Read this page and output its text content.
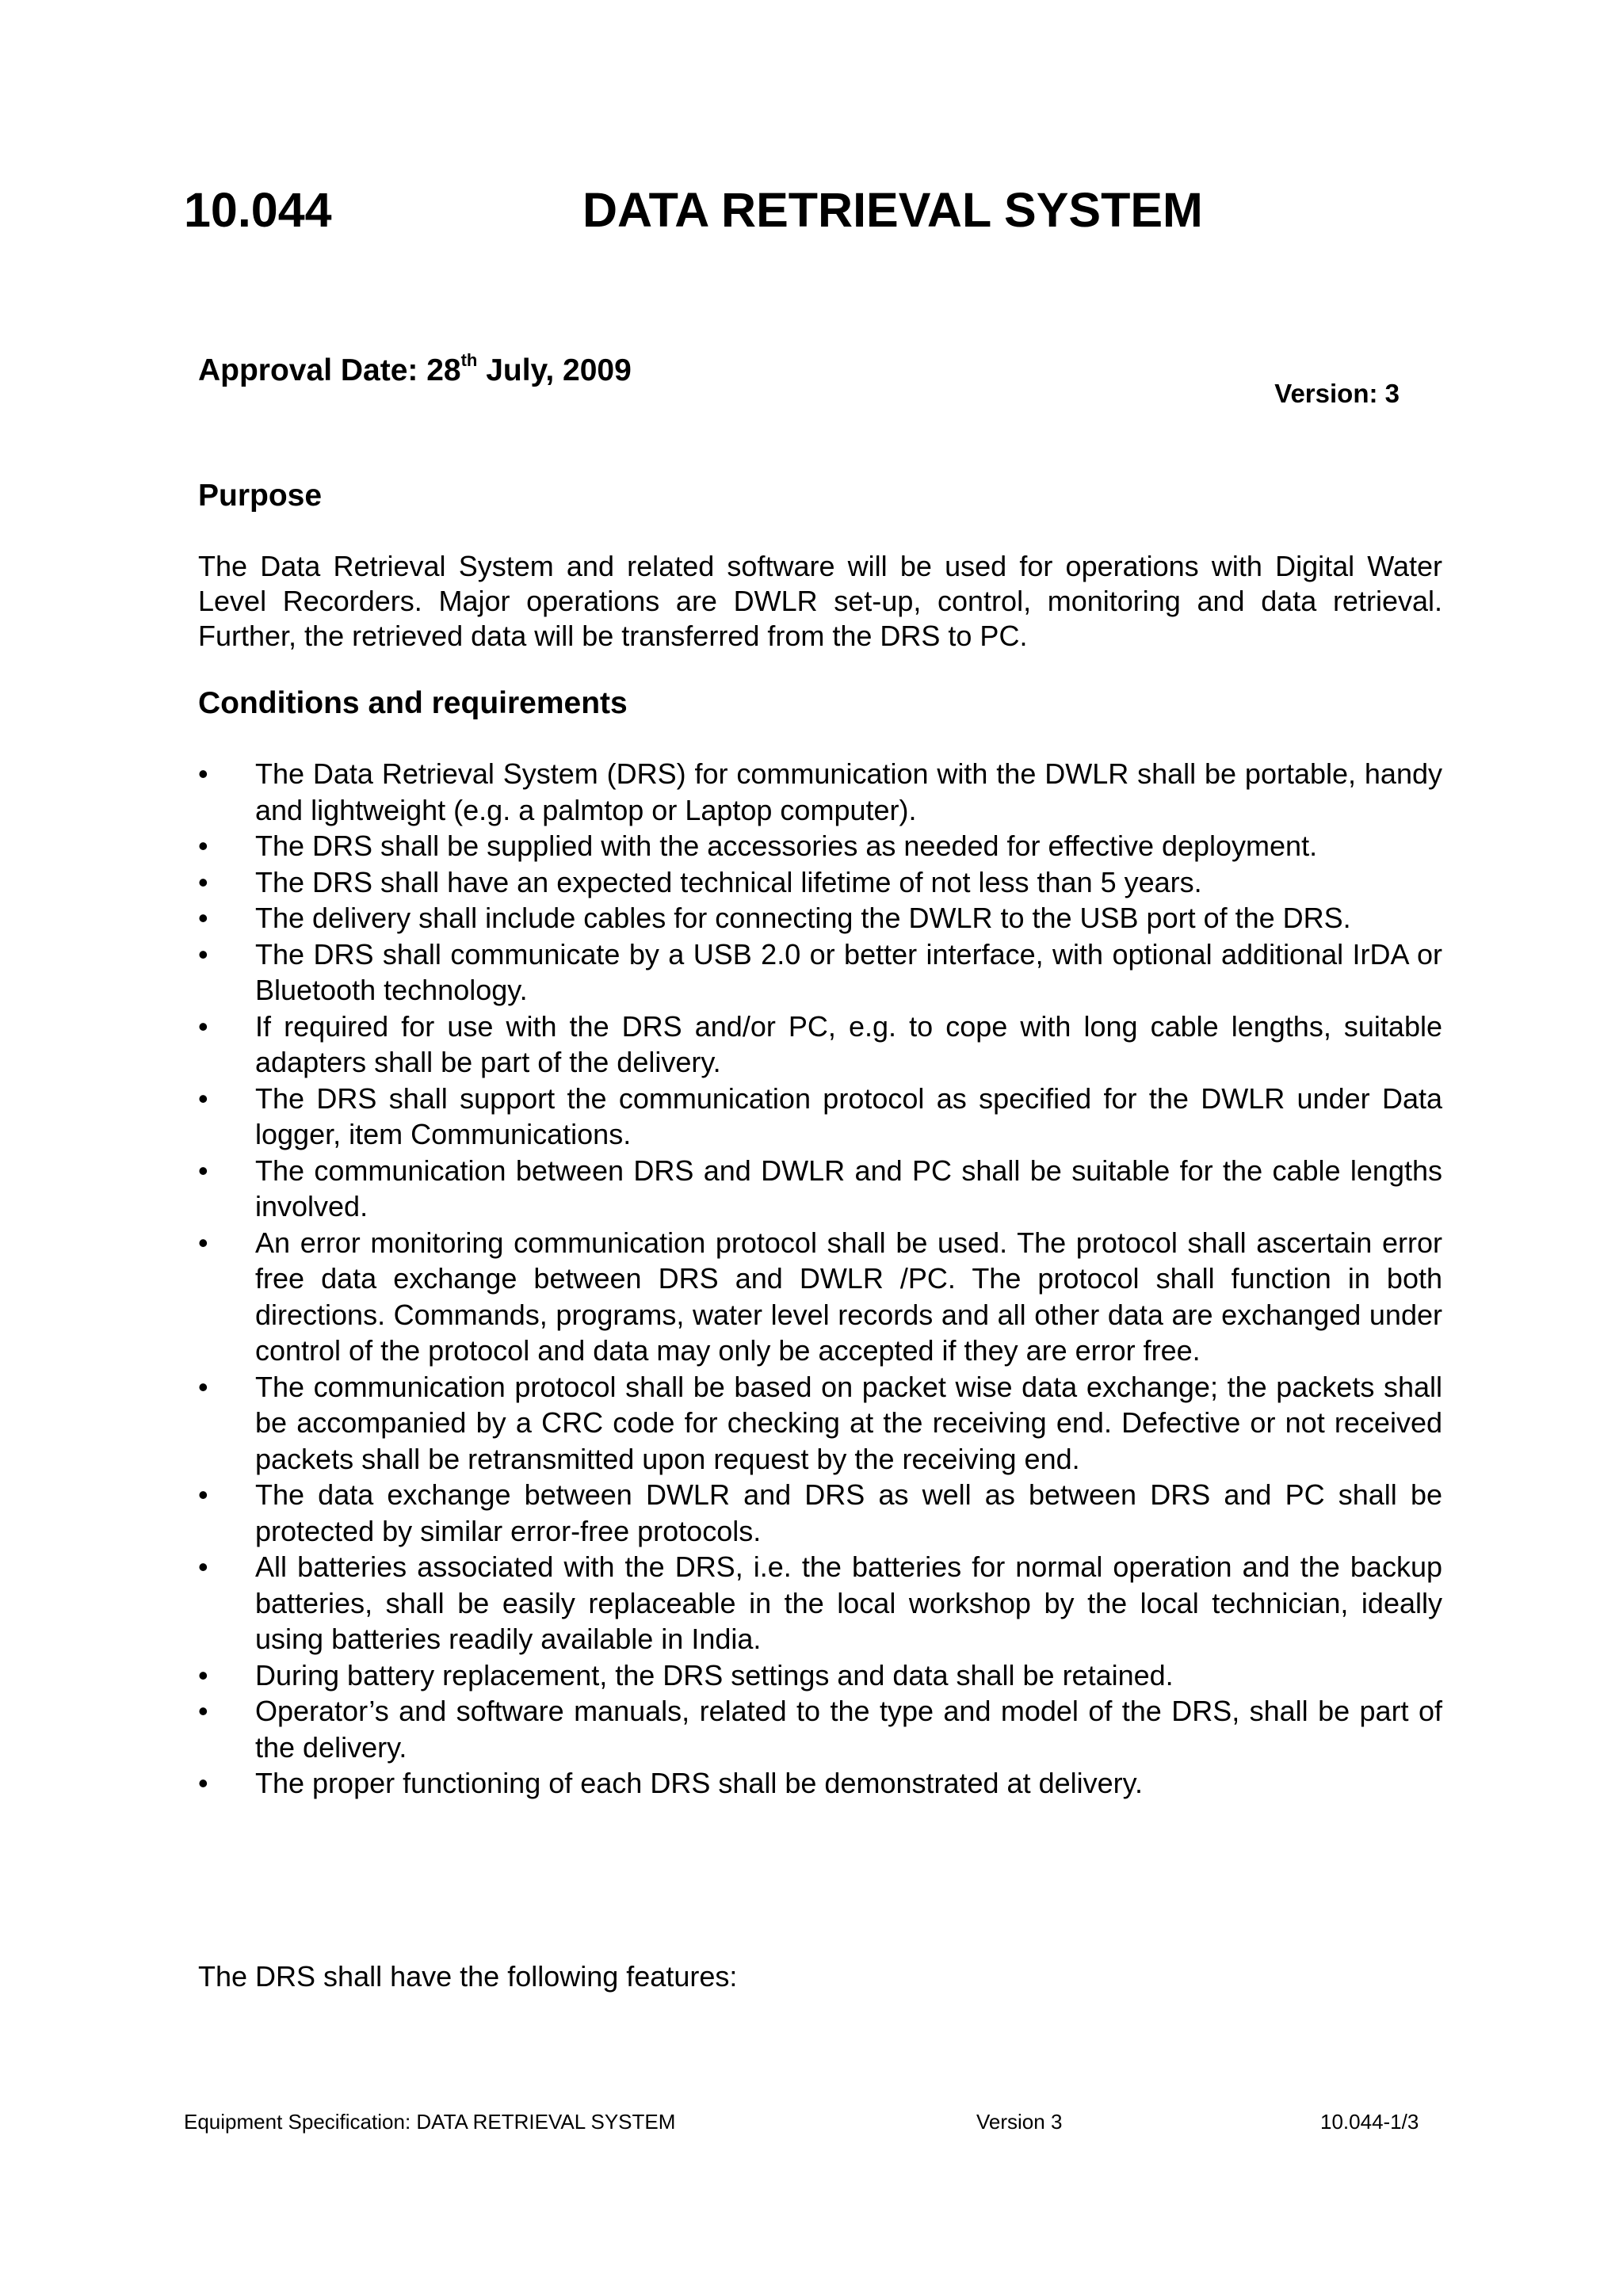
10.044	DATA RETRIEVAL SYSTEM
Approval Date: 28th July, 2009
Version: 3
Purpose
The Data Retrieval System and related software will be used for operations with Digital Water Level Recorders. Major operations are DWLR set-up, control, monitoring and data retrieval. Further, the retrieved data will be transferred from the DRS to PC.
Conditions and requirements
• The Data Retrieval System (DRS) for communication with the DWLR shall be portable, handy and lightweight (e.g. a palmtop or Laptop computer).
• The DRS shall be supplied with the accessories as needed for effective deployment.
• The DRS shall have an expected technical lifetime of not less than 5 years.
• The delivery shall include cables for connecting the DWLR to the USB port of the DRS.
• The DRS shall communicate by a USB 2.0 or better interface, with optional additional IrDA or Bluetooth technology.
• If required for use with the DRS and/or PC, e.g. to cope with long cable lengths, suitable adapters shall be part of the delivery.
• The DRS shall support the communication protocol as specified for the DWLR under Data logger, item Communications.
• The communication between DRS and DWLR and PC shall be suitable for the cable lengths involved.
• An error monitoring communication protocol shall be used. The protocol shall ascertain error free data exchange between DRS and DWLR /PC. The protocol shall function in both directions. Commands, programs, water level records and all other data are exchanged under control of the protocol and data may only be accepted if they are error free.
• The communication protocol shall be based on packet wise data exchange; the packets shall be accompanied by a CRC code for checking at the receiving end. Defective or not received packets shall be retransmitted upon request by the receiving end.
• The data exchange between DWLR and DRS as well as between DRS and PC shall be protected by similar error-free protocols.
• All batteries associated with the DRS, i.e. the batteries for normal operation and the backup batteries, shall be easily replaceable in the local workshop by the local technician, ideally using batteries readily available in India.
• During battery replacement, the DRS settings and data shall be retained.
• Operator’s and software manuals, related to the type and model of the DRS, shall be part of the delivery.
• The proper functioning of each DRS shall be demonstrated at delivery.
The DRS shall have the following features:
Equipment Specification: DATA RETRIEVAL SYSTEM	Version 3	10.044-1/3
